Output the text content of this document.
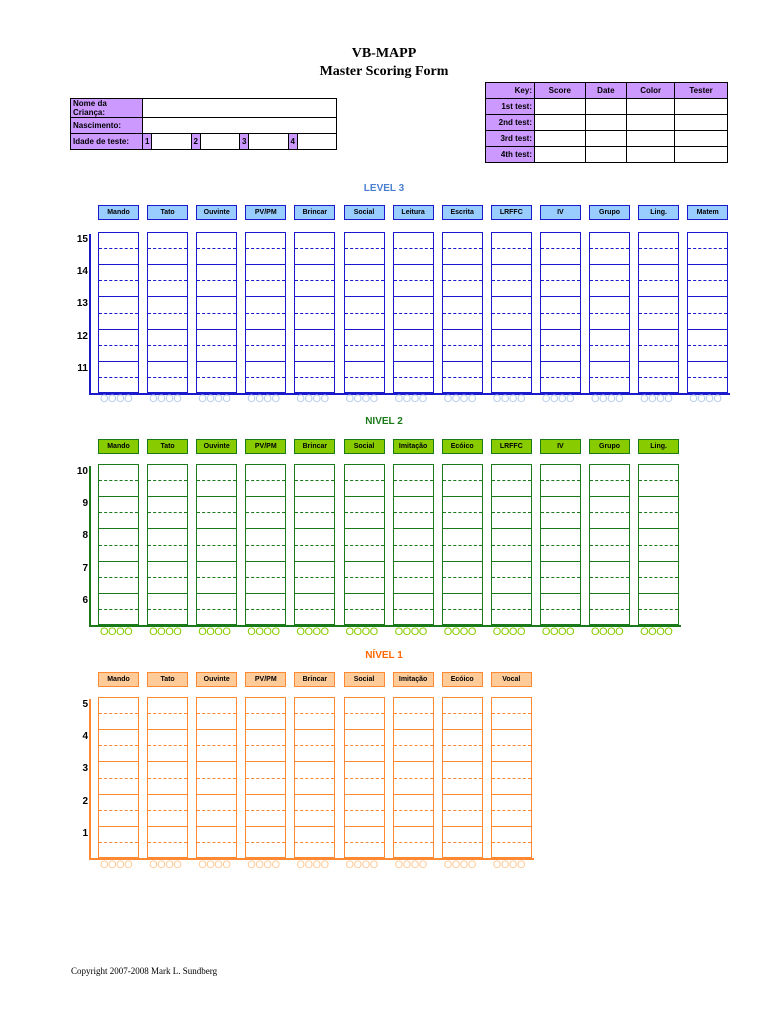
VB-MAPP
Master Scoring Form
Nome da Criança:								
Nascimento:								
Idade de teste:	1		2		3		4	
Key:	Score	Date	Color	Tester
1st test:				
2nd test:				
3rd test:				
4th test:				
LEVEL 3
15
14
13
12
11
Mando
OOOO
Tato
OOOO
Ouvinte
OOOO
PV/PM
OOOO
Brincar
OOOO
Social
OOOO
Leitura
OOOO
Escrita
OOOO
LRFFC
OOOO
IV
OOOO
Grupo
OOOO
Ling.
OOOO
Matem
OOOO
NIVEL 2
10
9
8
7
6
Mando
OOOO
Tato
OOOO
Ouvinte
OOOO
PV/PM
OOOO
Brincar
OOOO
Social
OOOO
Imitação
OOOO
Ecóico
OOOO
LRFFC
OOOO
IV
OOOO
Grupo
OOOO
Ling.
OOOO
NÍVEL 1
5
4
3
2
1
Mando
OOOO
Tato
OOOO
Ouvinte
OOOO
PV/PM
OOOO
Brincar
OOOO
Social
OOOO
Imitação
OOOO
Ecóico
OOOO
Vocal
OOOO
Copyright 2007-2008 Mark L. Sundberg
